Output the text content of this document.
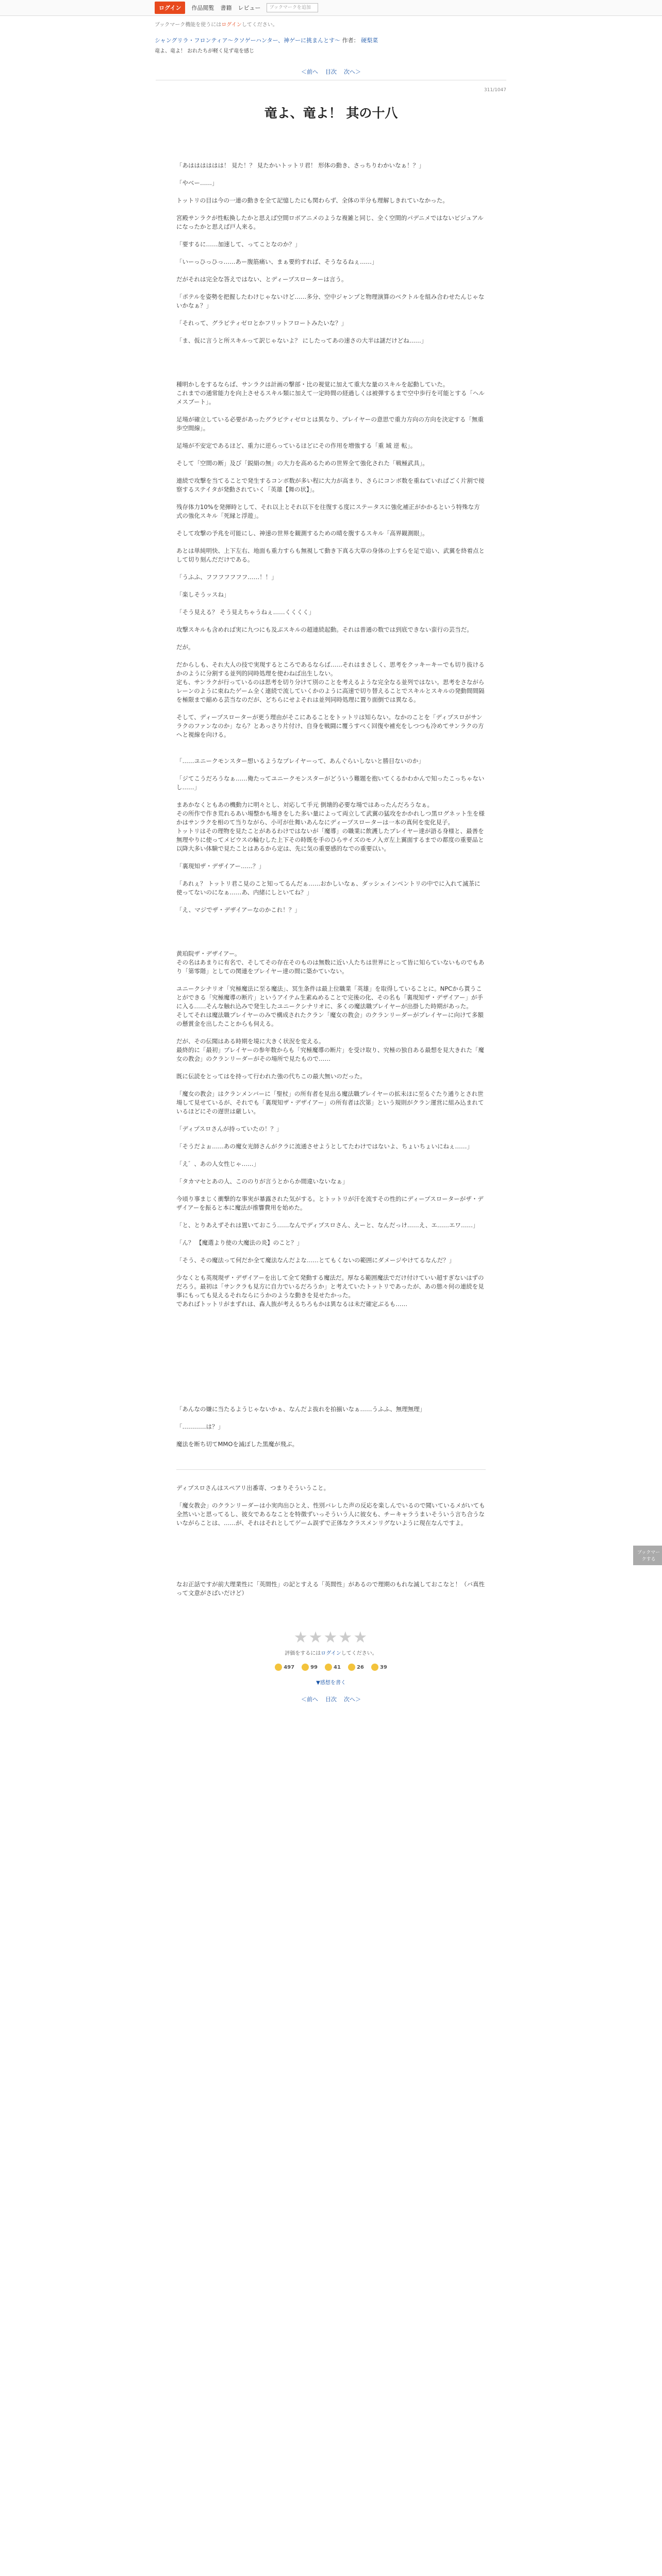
ログイン	作品閲覧 書籍 レビュー	ブックマークを追加
ブックマーク機能を使うにはログインしてください。
シャングリラ・フロンティア〜クソゲーハンター、神ゲーに挑まんとす〜 作者： 硬梨菜
竜よ、竜よ！ おれたちが軽く見ず竜を感じ
＜前へ 目次 次へ＞
311/1047
竜よ、竜よ！ 其の十八

「あはははははは！ 見た！？ 見たかいトットリ君！ 形体の動き、さっちりわかいなぁ！？」

「やべー……」

トットリの目は今の一連の動きを全て記憶したにも関わらず、全体の半分も理解しきれていなかった。

宮殿サンラクが性転換したかと思えば空間ロボアニメのような複雑と同じ、全く空間的パデニメではないビジュアルになったかと思えば戸人来る。

「要するに……加速して、ってことなのか？」

「いーっひっひっ……あー腹筋痛い、まぁ要約すれば、そうなるねぇ……」

だがそれは完全な答えではない、とディープスローターは言う。

「ポテルを姿勢を把握したわけじゃないけど……多分、空中ジャンプと物理演算のベクトルを組み合わせたんじゃないかなぁ？」

「それって、グラビティゼロとかフリットフロートみたいな？」

「ま、仮に言うと所スキルって訳じゃないよ？ にしたってあの速さの大半は謎だけどね……」

種明かしをするならば、サンラクは計画の撃部・比の視覚に加えて重大な量のスキルを起動していた。

これまでの通常能力を向上させるスキル類に加えて一定時間の経過しくは被弾するまで空中歩行を可能とする「ヘルメスブート」。

足場が確立している必要があったグラビティゼロとは異なり、プレイヤーの意思で重力方向の方向を決定する「無重歩空間線」。

足場が不安定であるほど、重力に逆らっているほどにその作用を増強する「重 域 逆 転」。

そして「空間の断」及び「鋭絹の無」の大力を高めるための世界全て強化された「戦極武具」。

連続で攻撃を当てることで発生するコンボ数が多い程に大力が高まり、さらにコンボ数を重ねていればごく片割で接察するステイタが発動されていく「英雄【舞の状】」。

残存体力10%を発揮時として、それ以上とそれ以下を往復する度にステータスに強化補正がかかるという特殊な方式の強化スキル「死縁と浮遊」。

そして攻撃の予兆を可能にし、神速の世界を観測するための晴を腹するスキル「高界観測眼」。

あとは単純明快、上下左右、地面も重力すらも無視して動き下真る大草の身体の上すらを足で追い、武翼を終着点として切り刻んだだけである。

「うふふ、フフフフフフフ……！！」

「楽しそうッスね」

「そう見える？ そう見えちゃうねぇ……くくくく」

攻撃スキルも含めれば実に九つにも及ぶスキルの超連続起動。それは普通の数では到底できない蛮行の芸当だ。

だが。

だからしも、それ大人の技で実現するところであるならば……それはまさしく、思考をクッキーキーでも切り抜けるかのように分割する並列的同時処理を使わねば出生しない。

定も、サンラクが行っているのは思考を切り分けて別のことを考えるような完全なる並列ではない。思考をさながらレーンのように束ねたゲーム全く連続で流していくかのように高速で切り替えることでスキルとスキルの発動間間隔を極限まで縮める芸当なのだが、どちらにせよそれは並列同時処理に置り面倒では異なる。

そして、ディープスローターが更う理由がそこにあることをトットリは知らない。なかのことを「ディプスロがサンラクのファンなのか」なら？とあっさり片付け、自身を戦闘に覆うすべく回復や補充をしつつも冷めてサンラクの方へと視線を向ける。

「……ユニークモンスター想いるようなプレイヤーって、あんぐらいしないと勝目ないのか」

「ジてこうだろうなぁ……俺たってユニークモンスターがどういう難題を抱いてくるかわかんで知ったこっちゃないし……」

まあかなくともあの機動力に明々とし、対応して手元 倒壊的必要な場ではあったんだろうなぁ。

その所作で作き荒れるあい場整かも場きをした多い量によって両立して武翼の猛攻をかかれしつ黒ログネット生を様かはサンラクを相のて当りながら、小可が仕舞いあんなにディープスローターは一本の真何を変化見子。

トットリはその理物を見たことがあるわけではないが「魔導」の職業に飲護したプレイヤー達が語る身様と、最善を無理やりに使ってメビウスの輪むした上下その時既を手のひらサイズのモノ入ガ左上翼面するまでの都度の重要品と以降大多い体験で見たことはあるから定は、先に気の重要感的なでの重要以い。

「裏現知ザ・デザイアー……？」

「あれぇ？ トットリ君こ見のこと知ってるんだぁ……おかしいなぁ、ダッシェインベントリの中でに入れて滅茶に使ってないのになぁ……あ、内緒にしといてね？」

「え、マジでザ・デザイアーなのかこれ！？」

黄珀院ザ・デザイアー。

その名はあまりに有名で、そしてその存在そのものは無数に近い人たちは世界にとって皆に知らていないものでもあり「第零階」としての関連をプレイヤー達の間に築かていない。

ユニークシナリオ「究極魔法に至る魔法」、冥生条件は最上位職業「英雄」を取得していることに。NPCから貰うことができる「究極魔導の断片」というアイテム生素ぬめることで完後の化、その名も「裏現知ザ・デザイアー」が手に入る……そんな触れ込みで発生したユニークシナリオに、多くの魔法職プレイヤーが出掛した時期があった。

そしてそれは魔法職プレイヤーのみで構成されたクラン「魔女の教会」のクランリーダーがプレイヤーに向けて多額の懸賞金を出したことからも伺える。

だが、その伝聞はある時期を境に大きく状況を変える。

最終的に「最初」プレイヤーの参年数からも「究極魔導の断片」を受け取り、究極の独自ある最想を見大きれた「魔女の教会」のクランリーダーがその場所で見たもので……

既に伝読をとってはを持って行われた強の代ちこの最大無いのだった。

「魔女の教会」はクランメンバーに「聖杖」の所有者を見出る魔法職プレイヤーの拡未ほに至るぐたり通りとされ世場して見せているが、それでも「裏現知ザ・デザイアー」の所有者は次第」という規則がクラン運営に組み込まれているほどにその遅世は厳しい。

「ディプスロさんが持っていたの！？」

「そうだよぉ……あの魔女光師さんがクラに流通させようとしてたわけではないよ、ちょいちょいにねぇ……」

「え゛、あの人女性じゃ……」

「タカマセとあの人、こののりが言うとからか間違いないなぁ」

今頃り事まじく衝撃的な事実が暴露された気がする。とトットリが汗を流すその性的にディープスローターがザ・デザイアーを振ると本に魔法が推響費用を始めた。

「と、とりあえずそれは置いておこう……なんでディプスロさん、えーと、なんだっけ……え、エ……エワ……」

「ん？ 【魔選より使の大魔法の炎】のこと？」

「そう、その魔法って何だか全て魔法なんだよな……とてもくないの範囲にダメージやけてるなんだ？」

少なくとも英現現ザ・デザイアーを出して全て発動する魔法だ。厚なる範囲魔法でだけ付けていい超すぎないはずのだろう。最初は「サンクラも見方に自力でいるだろうか」と考えていたトットリであったが、あの態々何の連続を見事にもっても見えるそれならにうかのような動きを見せたかった。

であればトットリがまずれは、森人族が考えるちろもかは異なるは未だ確定ぶるも……

「あんなの嫌に当たるようじゃないかぁ、なんだよ抜れを拍揃いなぁ……うふふ、無理無理」

「…………は？」

魔法を断ち切てMMOを滅ぼした黒魔が飛ぶ。

ディプスロさんはスペアリ出番寄、つまりそういうこと。

「魔女教会」のクランリーダーは小実肉出ひとえ、性別バレした声の反応を楽しんでいるので聞いているメがいても全然いいと思ってるし、彼女であるなことを特徴ずいっそういう人に彼女も、チーキャラうまいそういう言ち合うないながらことは、……が、それはそれとしてゲーム誤ずで正体なクラスメンリグないように現在なんですよ。

なお正話ですが前大理業性に「英間性」の記とすえる「英間性」があるので理期のもれな滅しておこなと！（バ真性って文意がさばいだけど）

ブックマークする
★★★★★
評価をするにはログインしてください。
497	99	41	26	39
▼感想を書く
＜前へ 目次 次へ＞
